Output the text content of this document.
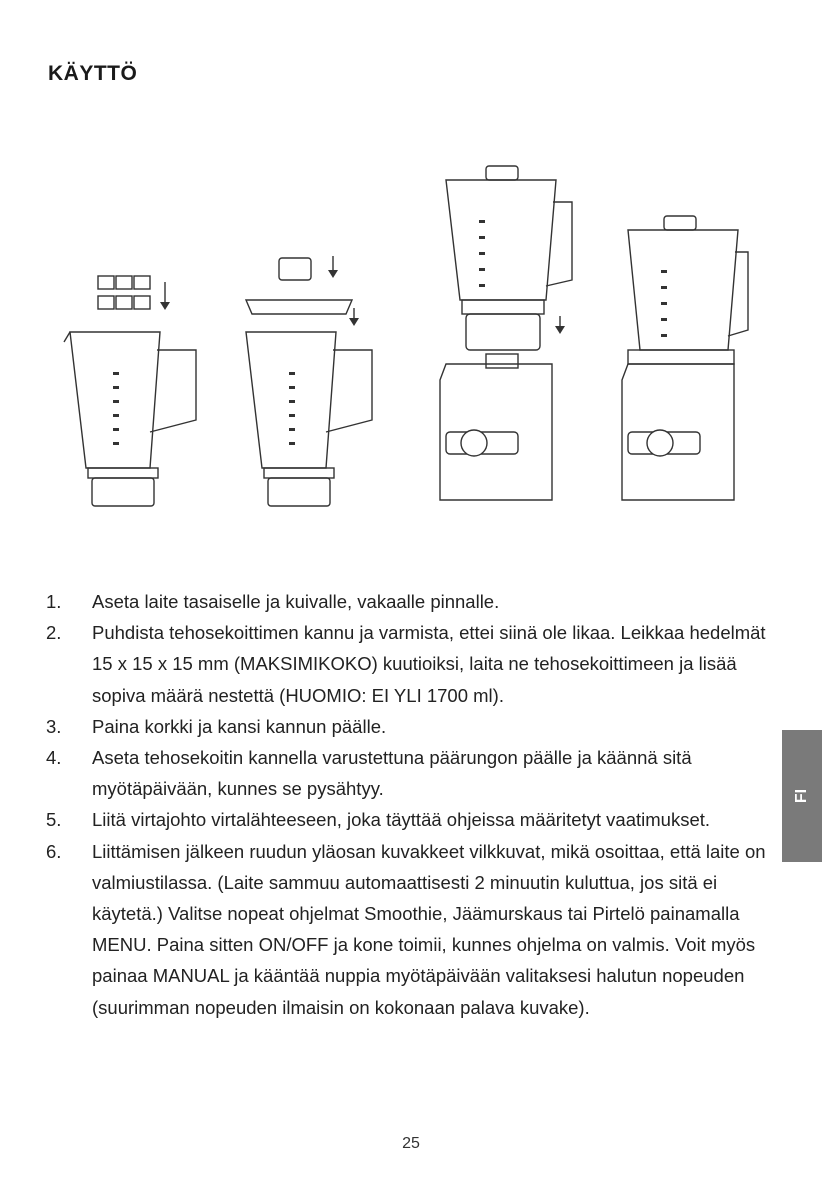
KÄYTTÖ
1. Aseta laite tasaiselle ja kuivalle, vakaalle pinnalle.
2. Puhdista tehosekoittimen kannu ja varmista, ettei siinä ole likaa. Leikkaa hedelmät 15 x 15 x 15 mm (MAKSIMIKOKO) kuutioiksi, laita ne tehosekoittimeen ja lisää sopiva määrä nestettä (HUOMIO: EI YLI 1700 ml).
3. Paina korkki ja kansi kannun päälle.
4. Aseta tehosekoitin kannella varustettuna päärungon päälle ja käännä sitä myötäpäivään, kunnes se pysähtyy.
5. Liitä virtajohto virtalähteeseen, joka täyttää ohjeissa määritetyt vaatimukset.
6. Liittämisen jälkeen ruudun yläosan kuvakkeet vilkkuvat, mikä osoittaa, että laite on valmiustilassa. (Laite sammuu automaattisesti 2 minuutin kuluttua, jos sitä ei käytetä.) Valitse nopeat ohjelmat Smoothie, Jäämurskaus tai Pirtelö painamalla MENU. Paina sitten ON/OFF ja kone toimii, kunnes ohjelma on valmis. Voit myös painaa MANUAL ja kääntää nuppia myötäpäivään valitaksesi halutun nopeuden (suurimman nopeuden ilmaisin on kokonaan palava kuvake).
FI
25
